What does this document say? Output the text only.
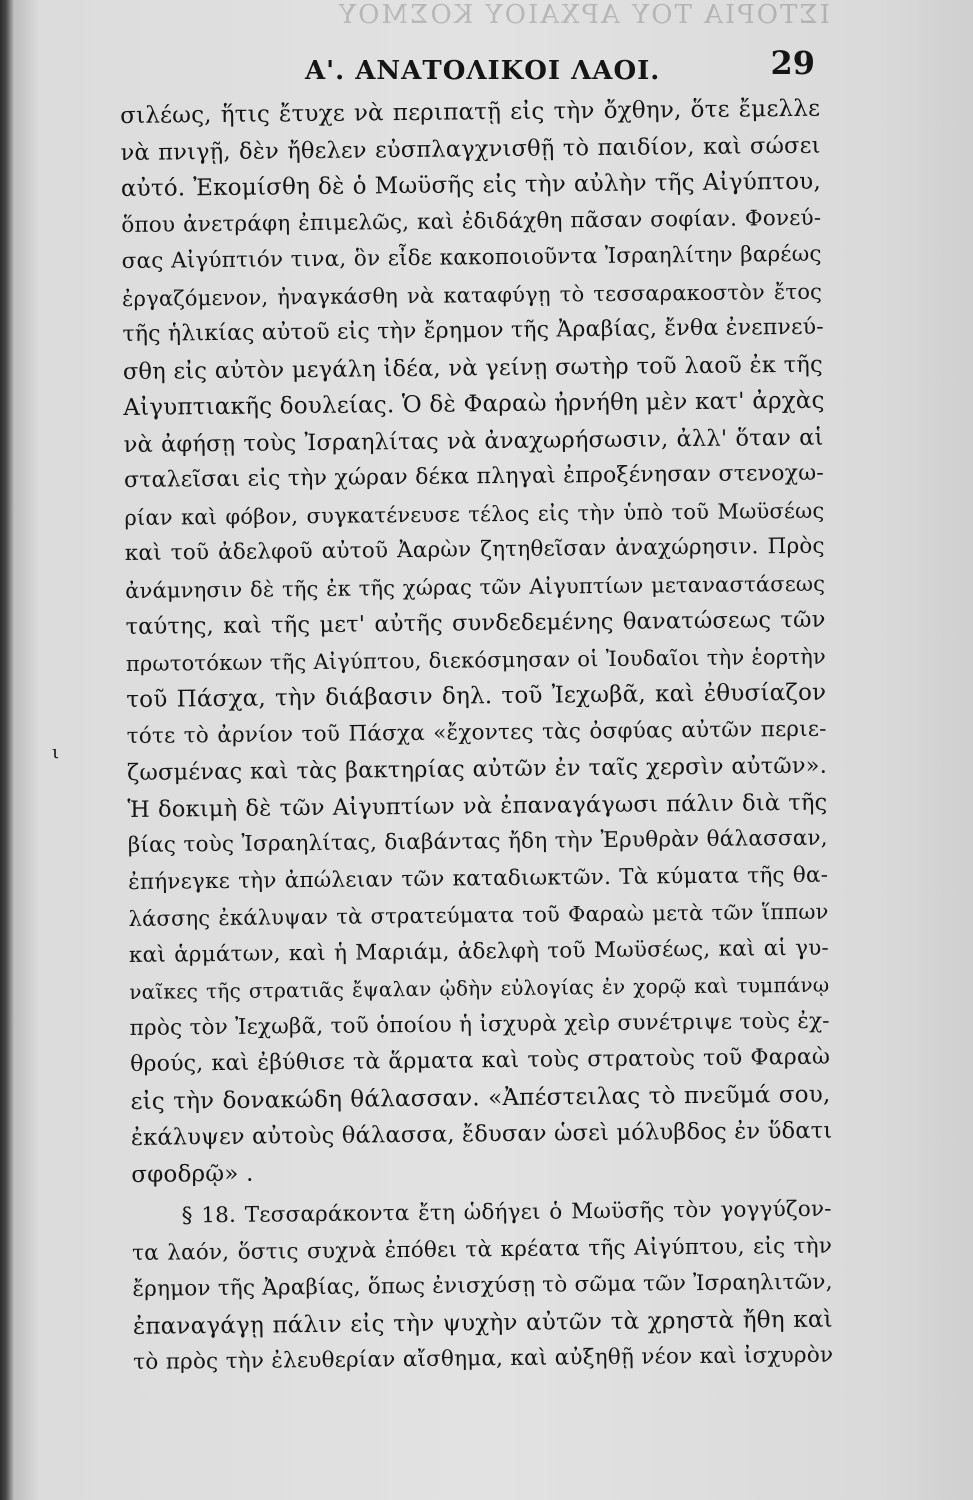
ΙΣΤΟΡΙΑ ΤΟΥ ΑΡΧΑΙΟΥ ΚΟΣΜΟΥ
Α'. ΑΝΑΤΟΛΙΚΟΙ ΛΑΟΙ.	29
ι
σιλέως, ἥτις ἔτυχε νὰ περιπατῇ εἰς τὴν ὄχθην, ὅτε ἔμελλε
νὰ πνιγῇ, δὲν ἤθελεν εὐσπλαγχνισθῇ τὸ παιδίον, καὶ σώσει
αὐτό. Ἐκομίσθη δὲ ὁ Μωϋσῆς εἰς τὴν αὐλὴν τῆς Αἰγύπτου,
ὅπου ἀνετράφη ἐπιμελῶς, καὶ ἐδιδάχθη πᾶσαν σοφίαν. Φονεύ-
σας Αἰγύπτιόν τινα, ὃν εἶδε κακοποιοῦντα Ἰσραηλίτην βαρέως
ἐργαζόμενον, ἠναγκάσθη νὰ καταφύγῃ τὸ τεσσαρακοστὸν ἔτος
τῆς ἡλικίας αὐτοῦ εἰς τὴν ἔρημον τῆς Ἀραβίας, ἔνθα ἐνεπνεύ-
σθη εἰς αὐτὸν μεγάλη ἰδέα, νὰ γείνῃ σωτὴρ τοῦ λαοῦ ἐκ τῆς
Αἰγυπτιακῆς δουλείας. Ὁ δὲ Φαραὼ ἠρνήθη μὲν κατ' ἀρχὰς
νὰ ἀφήσῃ τοὺς Ἰσραηλίτας νὰ ἀναχωρήσωσιν, ἀλλ' ὅταν αἱ
σταλεῖσαι εἰς τὴν χώραν δέκα πληγαὶ ἐπροξένησαν στενοχω-
ρίαν καὶ φόβον, συγκατένευσε τέλος εἰς τὴν ὑπὸ τοῦ Μωϋσέως
καὶ τοῦ ἀδελφοῦ αὐτοῦ Ἀαρὼν ζητηθεῖσαν ἀναχώρησιν. Πρὸς
ἀνάμνησιν δὲ τῆς ἐκ τῆς χώρας τῶν Αἰγυπτίων μεταναστάσεως
ταύτης, καὶ τῆς μετ' αὐτῆς συνδεδεμένης θανατώσεως τῶν
πρωτοτόκων τῆς Αἰγύπτου, διεκόσμησαν οἱ Ἰουδαῖοι τὴν ἑορτὴν
τοῦ Πάσχα, τὴν διάβασιν δηλ. τοῦ Ἰεχωβᾶ, καὶ ἐθυσίαζον
τότε τὸ ἀρνίον τοῦ Πάσχα «ἔχοντες τὰς ὀσφύας αὐτῶν περιε-
ζωσμένας καὶ τὰς βακτηρίας αὐτῶν ἐν ταῖς χερσὶν αὐτῶν».
Ἡ δοκιμὴ δὲ τῶν Αἰγυπτίων νὰ ἐπαναγάγωσι πάλιν διὰ τῆς
βίας τοὺς Ἰσραηλίτας, διαβάντας ἤδη τὴν Ἐρυθρὰν θάλασσαν,
ἐπήνεγκε τὴν ἀπώλειαν τῶν καταδιωκτῶν. Τὰ κύματα τῆς θα-
λάσσης ἐκάλυψαν τὰ στρατεύματα τοῦ Φαραὼ μετὰ τῶν ἵππων
καὶ ἁρμάτων, καὶ ἡ Μαριάμ, ἀδελφὴ τοῦ Μωϋσέως, καὶ αἱ γυ-
ναῖκες τῆς στρατιᾶς ἔψαλαν ᾠδὴν εὐλογίας ἐν χορῷ καὶ τυμπάνῳ
πρὸς τὸν Ἰεχωβᾶ, τοῦ ὁποίου ἡ ἰσχυρὰ χεὶρ συνέτριψε τοὺς ἐχ-
θρούς, καὶ ἐβύθισε τὰ ἅρματα καὶ τοὺς στρατοὺς τοῦ Φαραὼ
εἰς τὴν δονακώδη θάλασσαν. «Ἀπέστειλας τὸ πνεῦμά σου,
ἐκάλυψεν αὐτοὺς θάλασσα, ἔδυσαν ὡσεὶ μόλυβδος ἐν ὕδατι
σφοδρῷ» .
§ 18. Τεσσαράκοντα ἔτη ὡδήγει ὁ Μωϋσῆς τὸν γογγύζον-
τα λαόν, ὅστις συχνὰ ἐπόθει τὰ κρέατα τῆς Αἰγύπτου, εἰς τὴν
ἔρημον τῆς Ἀραβίας, ὅπως ἐνισχύσῃ τὸ σῶμα τῶν Ἰσραηλιτῶν,
ἐπαναγάγῃ πάλιν εἰς τὴν ψυχὴν αὐτῶν τὰ χρηστὰ ἤθη καὶ
τὸ πρὸς τὴν ἐλευθερίαν αἴσθημα, καὶ αὐξηθῇ νέον καὶ ἰσχυρὸν
